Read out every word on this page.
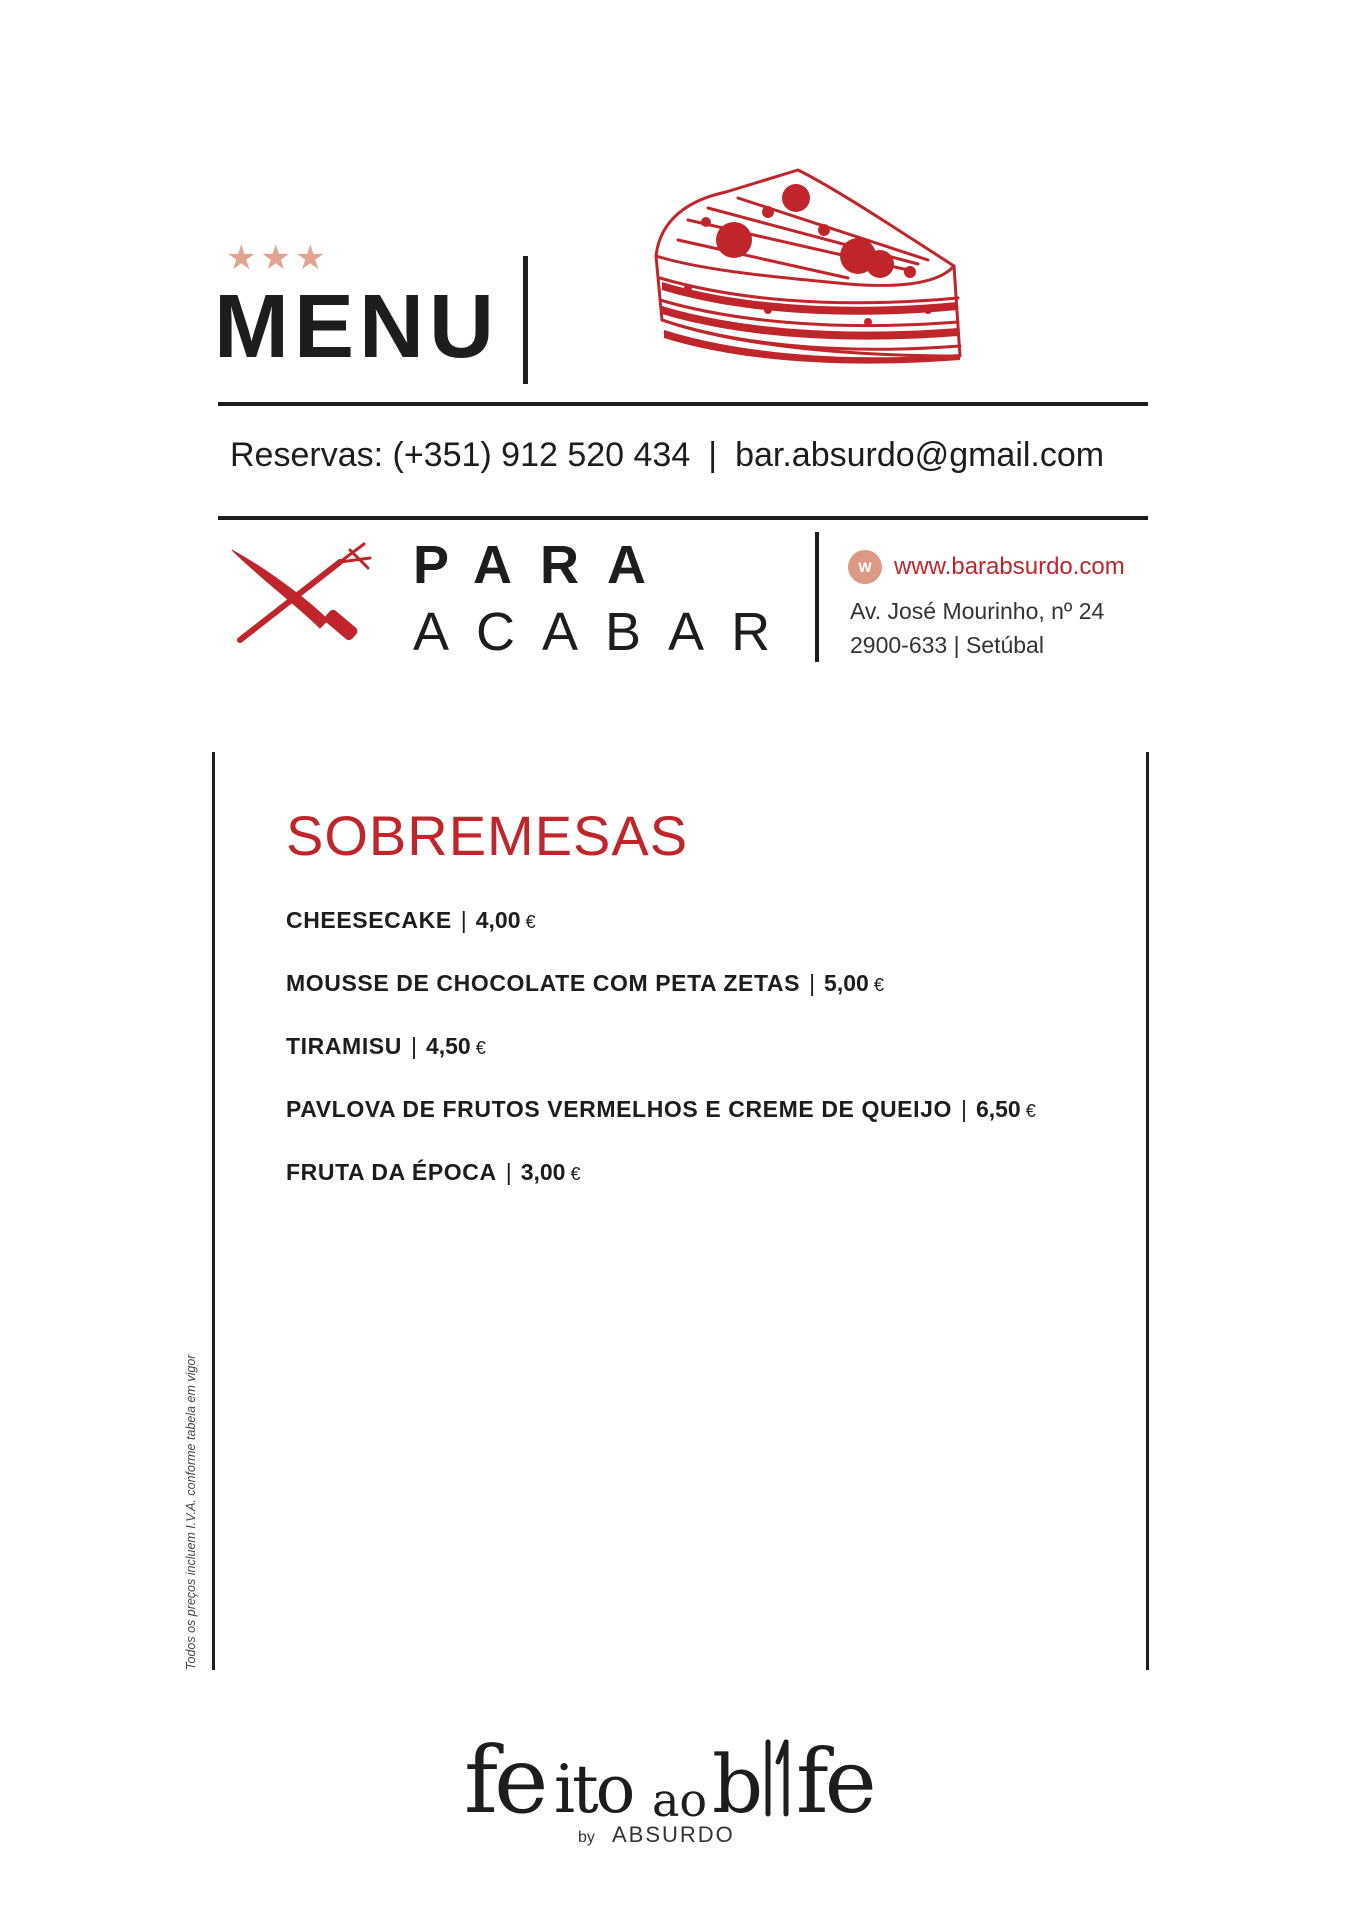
★★★
MENU
Reservas: (+351) 912 520 434 | bar.absurdo@gmail.com
PARA
ACABAR
W www.barabsurdo.com
Av. José Mourinho, nº 24
2900-633 | Setúbal
SOBREMESAS
CHEESECAKE | 4,00 €
MOUSSE DE CHOCOLATE COM PETA ZETAS | 5,00 €
TIRAMISU | 4,50 €
PAVLOVA DE FRUTOS VERMELHOS E CREME DE QUEIJO | 6,50 €
FRUTA DA ÉPOCA | 3,00 €
Todos os preços incluem I.V.A. conforme tabela em vigor
fe ito ao b fe
by ABSURDO
